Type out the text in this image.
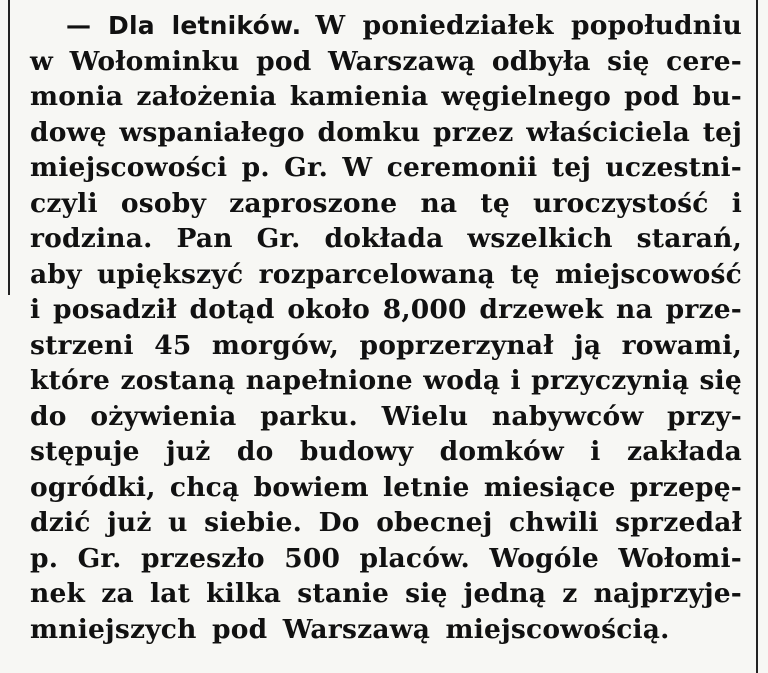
— Dla letników. W poniedziałek popołudniu
w Wołominku pod Warszawą odbyła się cere-
monia założenia kamienia węgielnego pod bu-
dowę wspaniałego domku przez właściciela tej
miejscowości p. Gr. W ceremonii tej uczestni-
czyli osoby zaproszone na tę uroczystość i
rodzina. Pan Gr. dokłada wszelkich starań,
aby upiększyć rozparcelowaną tę miejscowość
i posadził dotąd około 8,000 drzewek na prze-
strzeni 45 morgów, poprzerzynał ją rowami,
które zostaną napełnione wodą i przyczynią się
do ożywienia parku. Wielu nabywców przy-
stępuje już do budowy domków i zakłada
ogródki, chcą bowiem letnie miesiące przepę-
dzić już u siebie. Do obecnej chwili sprzedał
p. Gr. przeszło 500 placów. Wogóle Wołomi-
nek za lat kilka stanie się jedną z najprzyje-
mniejszych pod Warszawą miejscowością.
